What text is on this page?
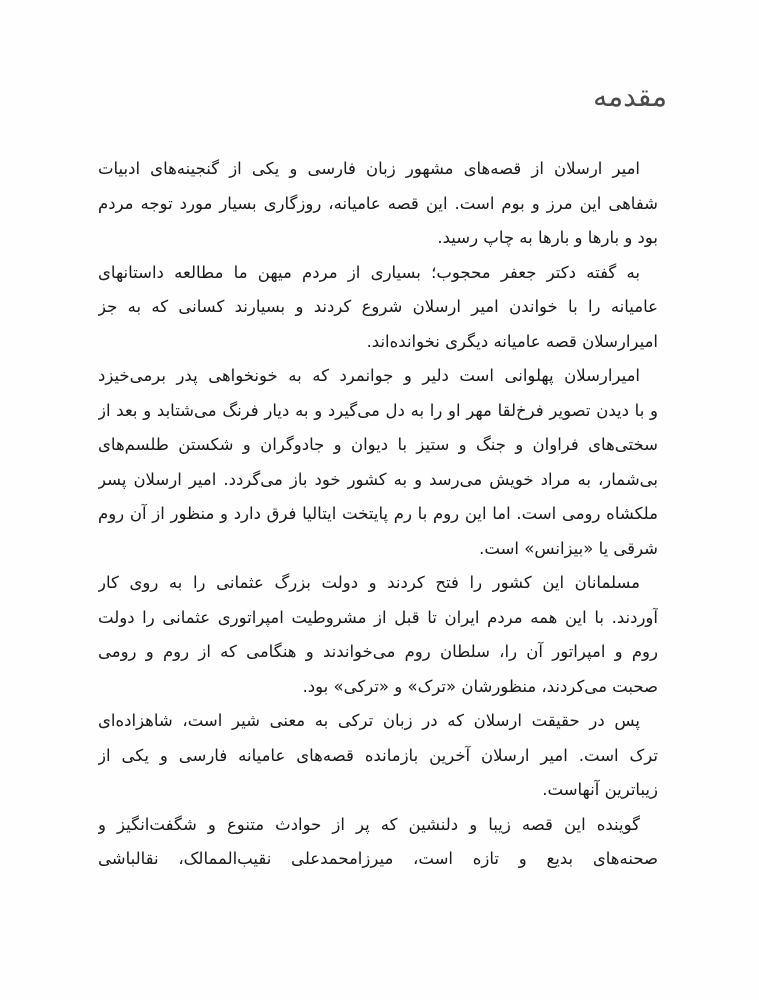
مقدمه
امیر ارسلان از قصه‌های مشهور زبان فارسی و یکی از گنجینه‌های ادبیات
شفاهی این مرز و بوم است. این قصه عامیانه، روزگاری بسیار مورد توجه مردم
بود و بارها و بارها به چاپ رسید.
به گفته دکتر جعفر محجوب؛ بسیاری از مردم میهن ما مطالعه داستانهای
عامیانه را با خواندن امیر ارسلان شروع کردند و بسیارند کسانی که به جز
امیرارسلان قصه عامیانه دیگری نخوانده‌اند.
امیرارسلان پهلوانی است دلیر و جوانمرد که به خونخواهی پدر برمی‌خیزد
و با دیدن تصویر فرخ‌لقا مهر او را به دل می‌گیرد و به دیار فرنگ می‌شتابد و بعد از
سختی‌های فراوان و جنگ و ستیز با دیوان و جادوگران و شکستن طلسم‌های
بی‌شمار، به مراد خویش می‌رسد و به کشور خود باز می‌گردد. امیر ارسلان پسر
ملکشاه رومی است. اما این روم با رم پایتخت ایتالیا فرق دارد و منظور از آن روم
شرقی یا «بیزانس» است.
مسلمانان این کشور را فتح کردند و دولت بزرگ عثمانی را به روی کار
آوردند. با این همه مردم ایران تا قبل از مشروطیت امپراتوری عثمانی را دولت
روم و امپراتور آن را، سلطان روم می‌خواندند و هنگامی که از روم و رومی
صحبت می‌کردند، منظورشان «ترک» و «ترکی» بود.
پس در حقیقت ارسلان که در زبان ترکی به معنی شیر است، شاهزاده‌ای
ترک است. امیر ارسلان آخرین بازمانده قصه‌های عامیانه فارسی و یکی از
زیباترین آنهاست.
گوینده این قصه زیبا و دلنشین که پر از حوادث متنوع و شگفت‌انگیز و
صحنه‌های بدیع و تازه است، میرزامحمدعلی نقیب‌الممالک، نقالباشی
